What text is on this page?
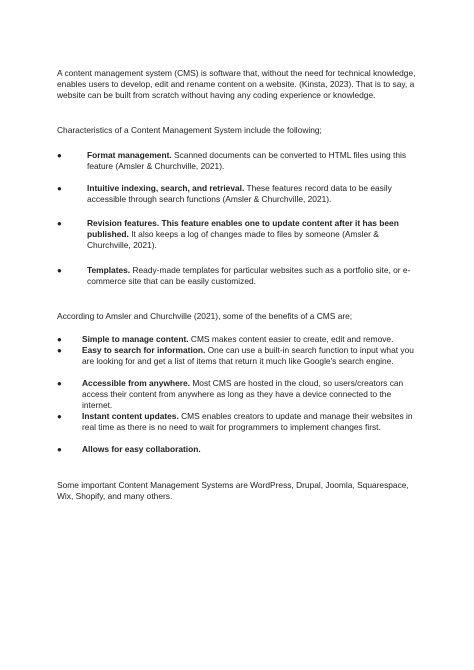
A content management system (CMS) is software that, without the need for technical knowledge, enables users to develop, edit and rename content on a website. (Kinsta, 2023). That is to say, a website can be built from scratch without having any coding experience or knowledge.
Characteristics of a Content Management System include the following;
●	Format management. Scanned documents can be converted to HTML files using this feature (Amsler & Churchville, 2021).
●	Intuitive indexing, search, and retrieval. These features record data to be easily accessible through search functions (Amsler & Churchville, 2021).
●	Revision features. This feature enables one to update content after it has been published. It also keeps a log of changes made to files by someone (Amsler & Churchville, 2021).
●	Templates. Ready-made templates for particular websites such as a portfolio site, or e-commerce site that can be easily customized.
According to Amsler and Churchville (2021), some of the benefits of a CMS are;
●	Simple to manage content. CMS makes content easier to create, edit and remove.
●	Easy to search for information. One can use a built-in search function to input what you are looking for and get a list of items that return it much like Google's search engine.
●	Accessible from anywhere. Most CMS are hosted in the cloud, so users/creators can access their content from anywhere as long as they have a device connected to the internet.
●	Instant content updates. CMS enables creators to update and manage their websites in real time as there is no need to wait for programmers to implement changes first.
●	Allows for easy collaboration.
Some important Content Management Systems are WordPress, Drupal, Joomla, Squarespace, Wix, Shopify, and many others.
